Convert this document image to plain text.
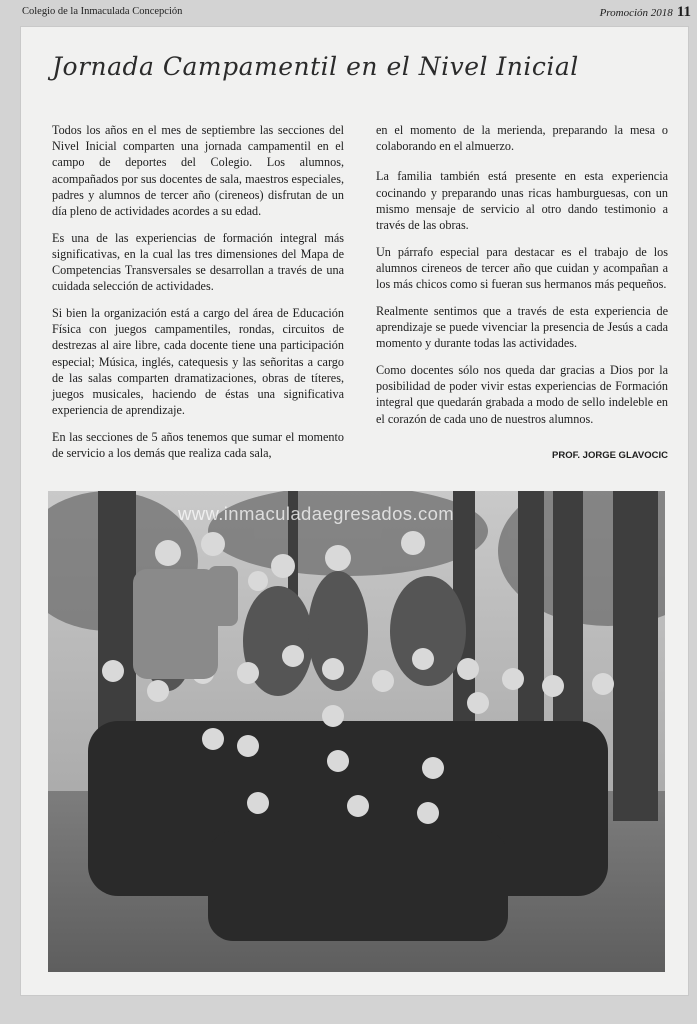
Colegio de la Inmaculada Concepción	Promoción 2018 11
Jornada Campamentil en el Nivel Inicial

Todos los años en el mes de septiembre las secciones del Nivel Inicial comparten una jornada campamentil en el campo de deportes del Colegio. Los alumnos, acompañados por sus docentes de sala, maestros especiales, padres y alumnos de tercer año (cireneos) disfrutan de un día pleno de actividades acordes a su edad.

Es una de las experiencias de formación integral más significativas, en la cual las tres dimensiones del Mapa de Competencias Transversales se desarrollan a través de una cuidada selección de actividades.

Si bien la organización está a cargo del área de Educación Física con juegos campamentiles, rondas, circuitos de destrezas al aire libre, cada docente tiene una participación especial; Música, inglés, catequesis y las señoritas a cargo de las salas comparten dramatizaciones, obras de títeres, juegos musicales, haciendo de éstas una significativa experiencia de aprendizaje.

En las secciones de 5 años tenemos que sumar el momento de servicio a los demás que realiza cada sala,

en el momento de la merienda, preparando la mesa o colaborando en el almuerzo.

La familia también está presente en esta experiencia cocinando y preparando unas ricas hamburguesas, con un mismo mensaje de servicio al otro dando testimonio a través de las obras.

Un párrafo especial para destacar es el trabajo de los alumnos cireneos de tercer año que cuidan y acompañan a los más chicos como si fueran sus hermanos más pequeños.

Realmente sentimos que a través de esta experiencia de aprendizaje se puede vivenciar la presencia de Jesús a cada momento y durante todas las actividades.

Como docentes sólo nos queda dar gracias a Dios por la posibilidad de poder vivir estas experiencias de Formación integral que quedarán grabada a modo de sello indeleble en el corazón de cada uno de nuestros alumnos.

PROF. JORGE GLAVOCIC
www.inmaculadaegresados.com
